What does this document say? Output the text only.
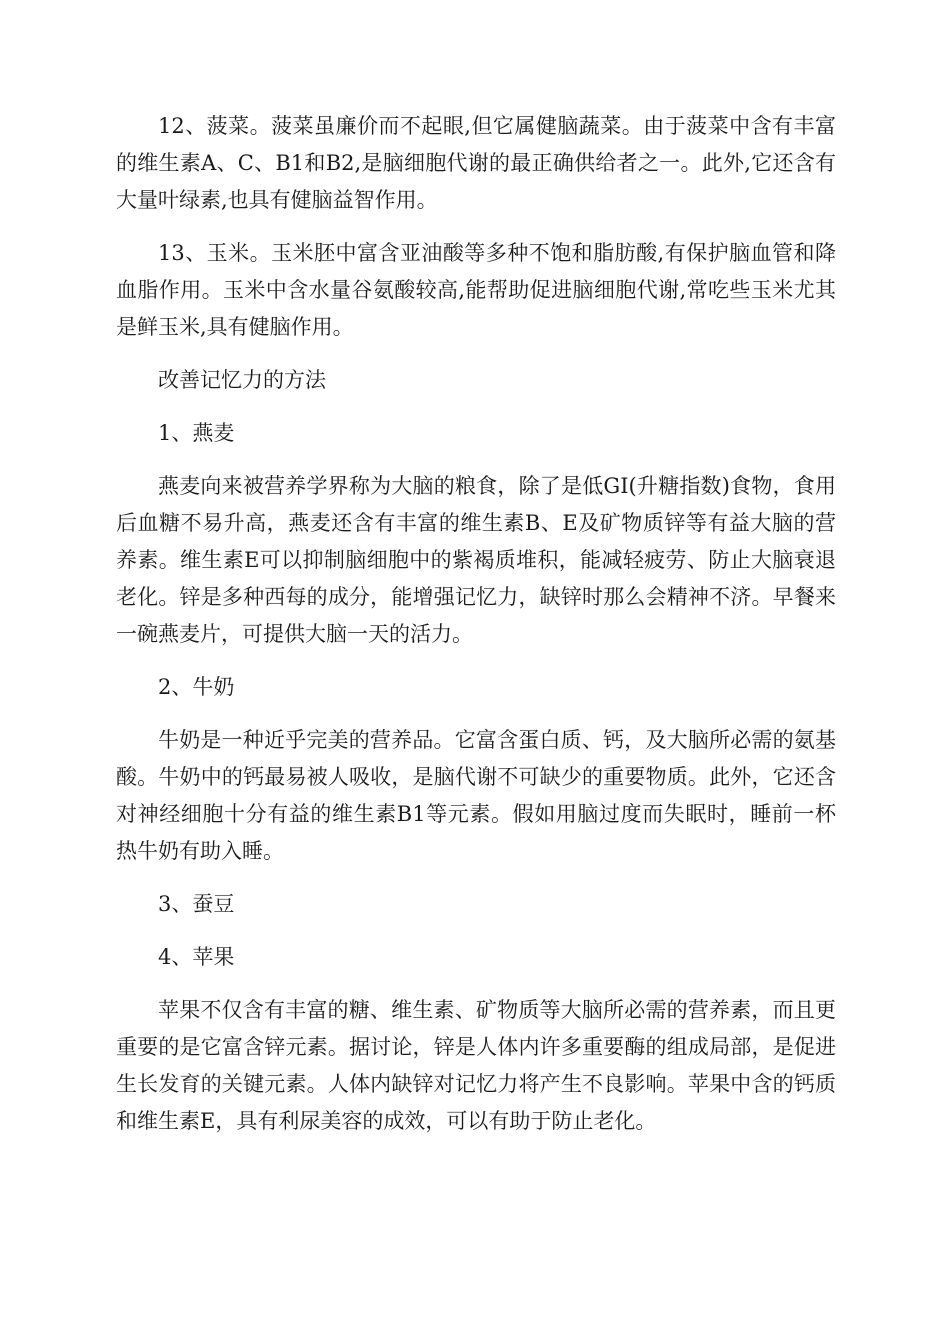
12、菠菜。菠菜虽廉价而不起眼,但它属健脑蔬菜。由于菠菜中含有丰富的维生素A、C、B1和B2,是脑细胞代谢的最正确供给者之一。此外,它还含有大量叶绿素,也具有健脑益智作用。

13、玉米。玉米胚中富含亚油酸等多种不饱和脂肪酸,有保护脑血管和降血脂作用。玉米中含水量谷氨酸较高,能帮助促进脑细胞代谢,常吃些玉米尤其是鲜玉米,具有健脑作用。

改善记忆力的方法

1、燕麦

燕麦向来被营养学界称为大脑的粮食，除了是低GI(升糖指数)食物，食用后血糖不易升高，燕麦还含有丰富的维生素B、E及矿物质锌等有益大脑的营养素。维生素E可以抑制脑细胞中的紫褐质堆积，能减轻疲劳、防止大脑衰退老化。锌是多种西每的成分，能增强记忆力，缺锌时那么会精神不济。早餐来一碗燕麦片，可提供大脑一天的活力。

2、牛奶

牛奶是一种近乎完美的营养品。它富含蛋白质、钙，及大脑所必需的氨基酸。牛奶中的钙最易被人吸收，是脑代谢不可缺少的重要物质。此外，它还含对神经细胞十分有益的维生素B1等元素。假如用脑过度而失眠时，睡前一杯热牛奶有助入睡。

3、蚕豆

4、苹果

苹果不仅含有丰富的糖、维生素、矿物质等大脑所必需的营养素，而且更重要的是它富含锌元素。据讨论，锌是人体内许多重要酶的组成局部，是促进生长发育的关键元素。人体内缺锌对记忆力将产生不良影响。苹果中含的钙质和维生素E，具有利尿美容的成效，可以有助于防止老化。
